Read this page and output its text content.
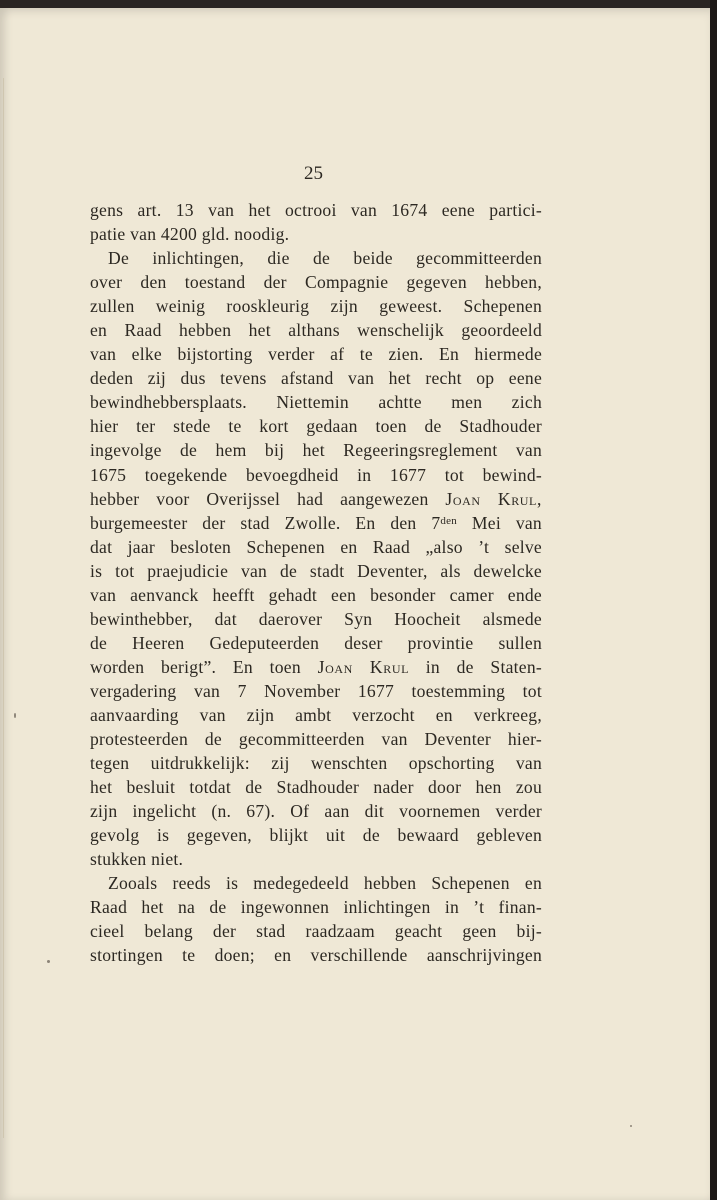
25
gens art. 13 van het octrooi van 1674 eene partici-
patie van 4200 gld. noodig.
De inlichtingen, die de beide gecommitteerden
over den toestand der Compagnie gegeven hebben,
zullen weinig rooskleurig zijn geweest. Schepenen
en Raad hebben het althans wenschelijk geoordeeld
van elke bijstorting verder af te zien. En hiermede
deden zij dus tevens afstand van het recht op eene
bewindhebbersplaats. Niettemin achtte men zich
hier ter stede te kort gedaan toen de Stadhouder
ingevolge de hem bij het Regeeringsreglement van
1675 toegekende bevoegdheid in 1677 tot bewind-
hebber voor Overijssel had aangewezen Joan Krul,
burgemeester der stad Zwolle. En den $7^{den}$ Mei van
dat jaar besloten Schepenen en Raad „also ’t selve
is tot praejudicie van de stadt Deventer, als dewelcke
van aenvanck heefft gehadt een besonder camer ende
bewinthebber, dat daerover Syn Hoocheit alsmede
de Heeren Gedeputeerden deser provintie sullen
worden berigt”. En toen Joan Krul in de Staten-
vergadering van 7 November 1677 toestemming tot
aanvaarding van zijn ambt verzocht en verkreeg,
protesteerden de gecommitteerden van Deventer hier-
tegen uitdrukkelijk: zij wenschten opschorting van
het besluit totdat de Stadhouder nader door hen zou
zijn ingelicht (n. 67). Of aan dit voornemen verder
gevolg is gegeven, blijkt uit de bewaard gebleven
stukken niet.
Zooals reeds is medegedeeld hebben Schepenen en
Raad het na de ingewonnen inlichtingen in ’t finan-
cieel belang der stad raadzaam geacht geen bij-
stortingen te doen; en verschillende aanschrijvingen
